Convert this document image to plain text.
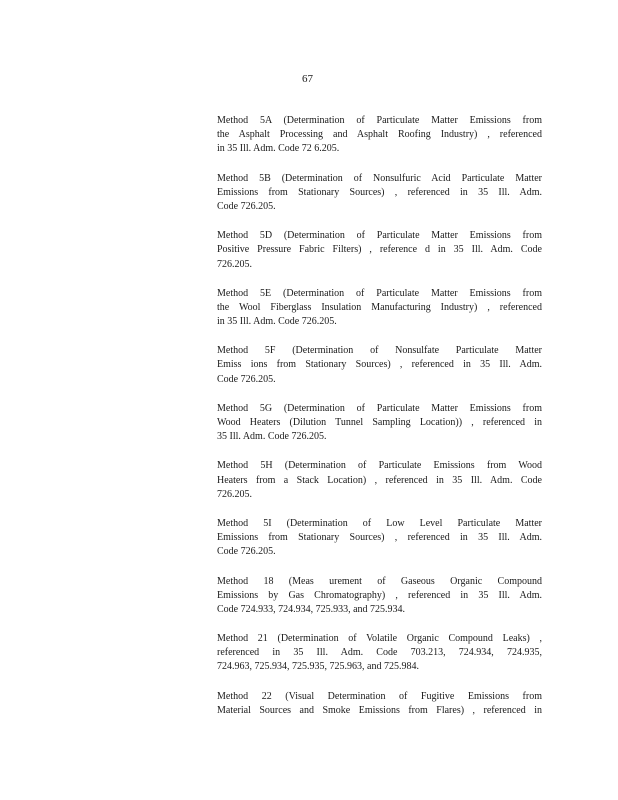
67
Method 5A (Determination of Particulate Matter Emissions from
the Asphalt Processing and Asphalt Roofing Industry) , referenced
in 35 Ill. Adm. Code 72 6.205.
Method 5B (Determination of Nonsulfuric Acid Particulate Matter
Emissions from Stationary Sources) , referenced in 35 Ill. Adm.
Code 726.205.
Method 5D (Determination of Particulate Matter Emissions from
Positive Pressure Fabric Filters) , reference d in 35 Ill. Adm. Code
726.205.
Method 5E (Determination of Particulate Matter Emissions from
the Wool Fiberglass Insulation Manufacturing Industry) , referenced
in 35 Ill. Adm. Code 726.205.
Method 5F (Determination of Nonsulfate Particulate Matter
Emiss ions from Stationary Sources) , referenced in 35 Ill. Adm.
Code 726.205.
Method 5G (Determination of Particulate Matter Emissions from
Wood Heaters (Dilution Tunnel Sampling Location)) , referenced in
35 Ill. Adm. Code 726.205.
Method 5H (Determination of Particulate Emissions from Wood
Heaters from a Stack Location) , referenced in 35 Ill. Adm. Code
726.205.
Method 5I (Determination of Low Level Particulate Matter
Emissions from Stationary Sources) , referenced in 35 Ill. Adm.
Code 726.205.
Method 18 (Meas urement of Gaseous Organic Compound
Emissions by Gas Chromatography) , referenced in 35 Ill. Adm.
Code 724.933, 724.934, 725.933, and 725.934.
Method 21 (Determination of Volatile Organic Compound Leaks) ,
referenced in 35 Ill. Adm. Code 703.213, 724.934, 724.935,
724.963, 725.934, 725.935, 725.963, and 725.984.
Method 22 (Visual Determination of Fugitive Emissions from
Material Sources and Smoke Emissions from Flares) , referenced in
